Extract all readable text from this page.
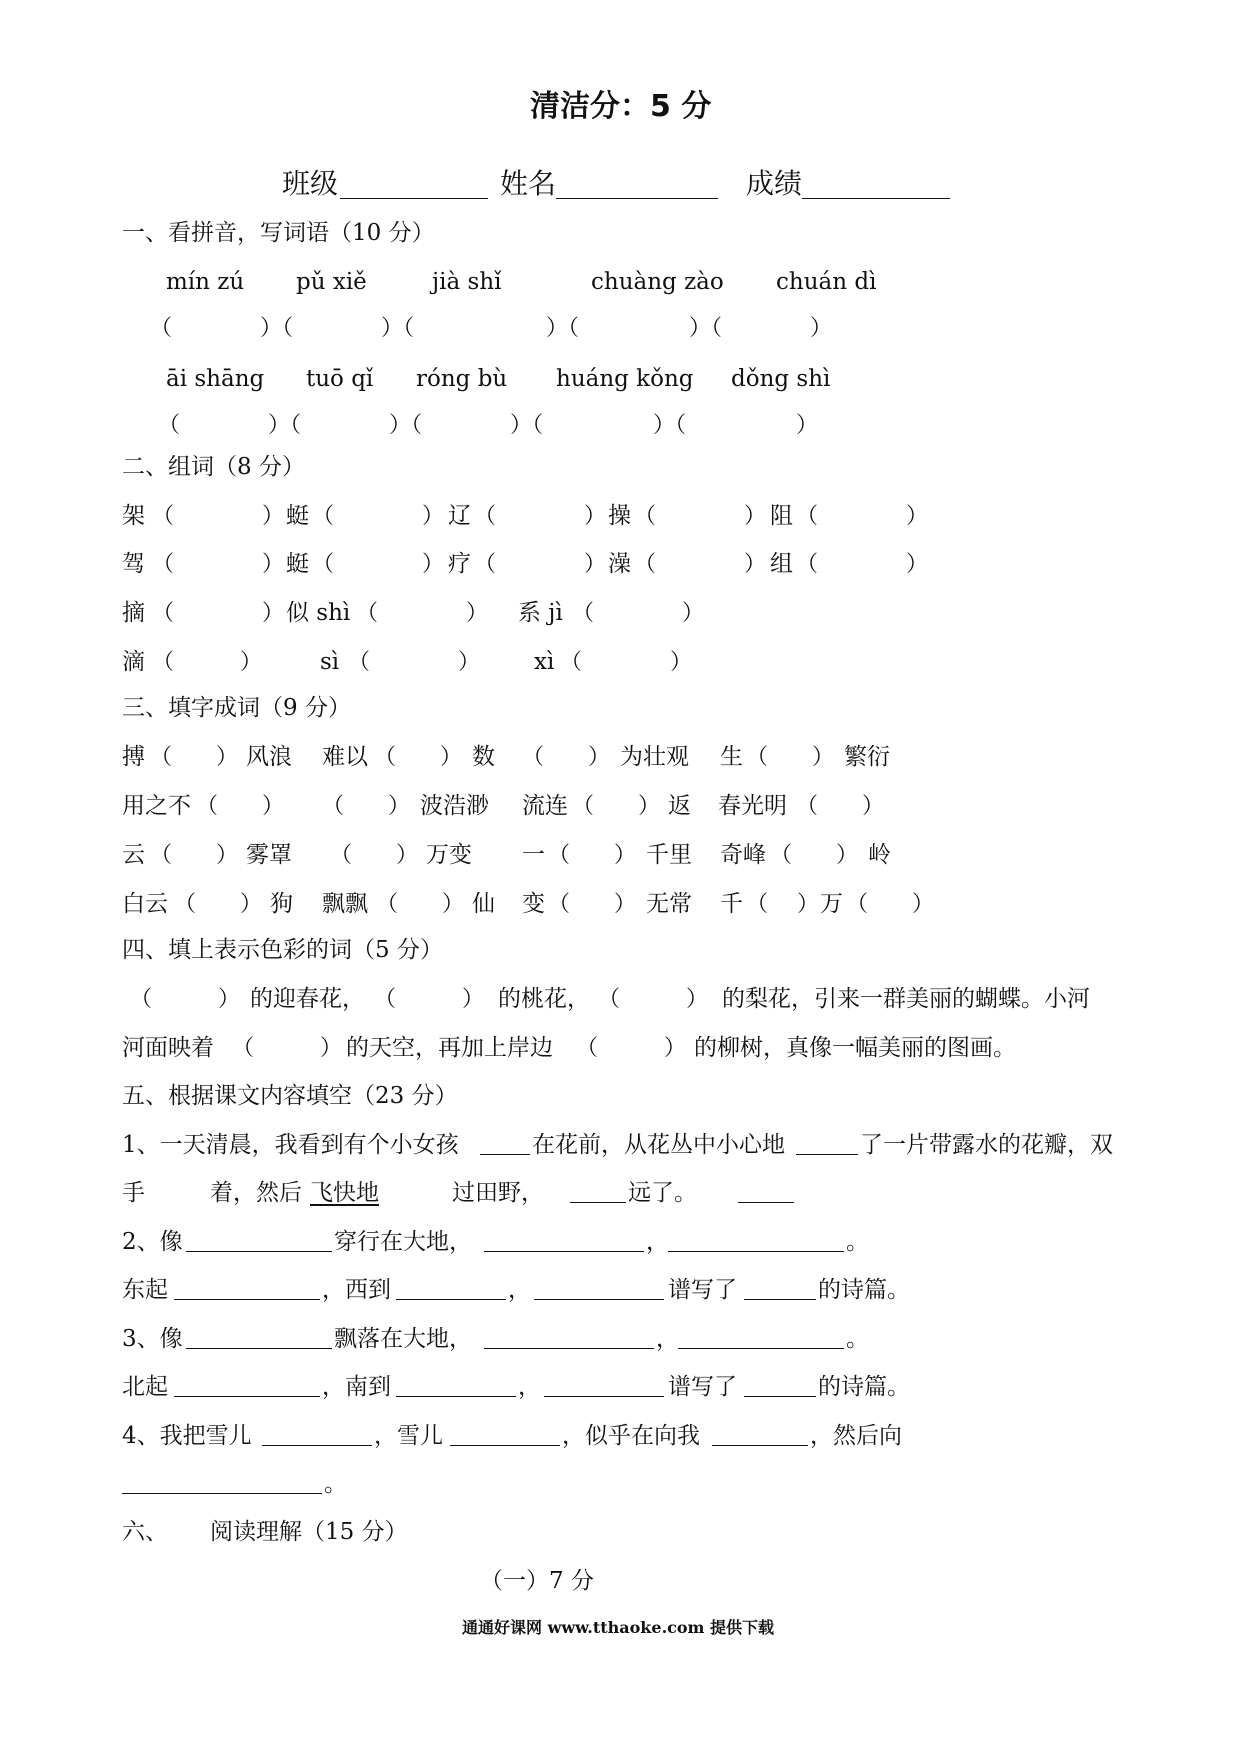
清洁分：5 分
班级	姓名	成绩
一、看拼音，写词语（10 分）
mín zú pǔ xiě	jià shǐ	chuàng zào chuán dì
（　　　　）（　　　　）（　　　　　　）（　　　　　）（　　　　）
āi shāng tuō qǐ róng bù huáng kǒng dǒng shì
（　　　　）（　　　　）（　　　　）（　　　　　）（　　　　　）
二、组词（8 分）
架 （　　　　） 蜓 （　　　　） 辽 （　　　　） 操 （　　　　） 阻 （　　　　）
驾 （　　　　） 蜓 （　　　　） 疗 （　　　　） 澡 （　　　　） 组 （　　　　）
摘 （　　　　） 似 shì （　　　　） 系 jì （　　　　）
滴 （　　　）	sì （　　　　） xì （　　　　）
三、填字成词（9 分）
搏 （　　） 风浪 难以 （　　） 数 （　　） 为壮观 生 （　　） 繁衍
用之不 （　　） （　　） 波浩渺 流连 （　　） 返 春光明 （　　）
云 （　　） 雾罩 （　　） 万变 一 （　　） 千里 奇峰 （　　） 岭
白云 （　　） 狗 飘飘 （　　） 仙 变 （　　） 无常 千 （　 ） 万 （　　）
四、填上表示色彩的词（5 分）
（　　　） 的迎春花， （　　　） 的桃花， （　　　） 的梨花，引来一群美丽的蝴蝶。小河
河面映着 （　　　） 的天空，再加上岸边 （　　　） 的柳树，真像一幅美丽的图画。
五、根据课文内容填空（23 分）
1、一天清晨，我看到有个小女孩	在花前，从花丛中小心地	了一片带露水的花瓣，双
手	着，然后 飞快地	过田野，	远了。
2、像	穿行在大地，	，	。
东起	，西到	，	谱写了	的诗篇。
3、像	飘落在大地，	，	。
北起	，南到	，	谱写了	的诗篇。
4、我把雪儿	，雪儿	，似乎在向我	，然后向
。
六、 阅读理解（15 分）
（一）7 分
通通好课网 www.tthaoke.com 提供下载
